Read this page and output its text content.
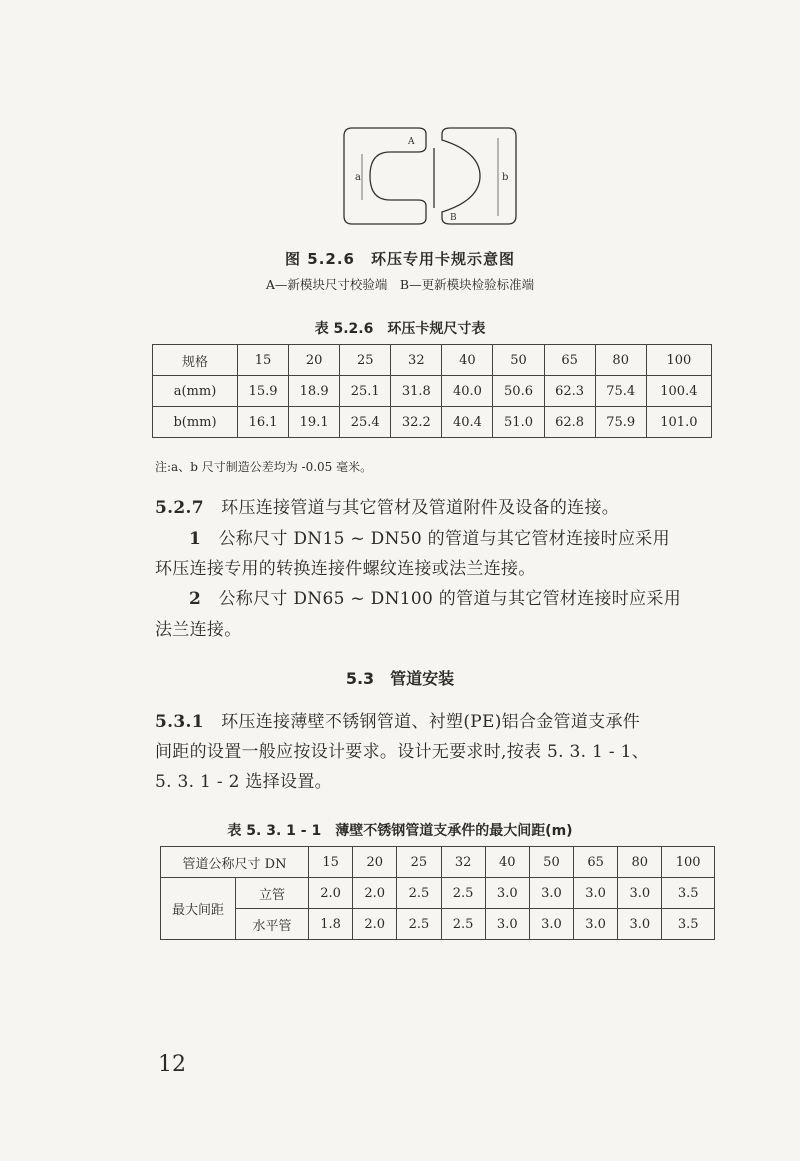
A
B
a	b
图 5.2.6　环压专用卡规示意图
A—新模块尺寸校验端　B—更新模块检验标准端
表 5.2.6　环压卡规尺寸表
规格	15	20	25	32	40	50	65	80	100
a(mm)	15.9	18.9	25.1	31.8	40.0	50.6	62.3	75.4	100.4
b(mm)	16.1	19.1	25.4	32.2	40.4	51.0	62.8	75.9	101.0
注:a、b 尺寸制造公差均为 -0.05 毫米。
5.2.7　 环压连接管道与其它管材及管道附件及设备的连接。
1　 公称尺寸 DN15 ~ DN50 的管道与其它管材连接时应采用
环压连接专用的转换连接件螺纹连接或法兰连接。
2　 公称尺寸 DN65 ~ DN100 的管道与其它管材连接时应采用
法兰连接。
5.3　管道安装
5.3.1　 环压连接薄壁不锈钢管道、衬塑(PE)铝合金管道支承件
间距的设置一般应按设计要求。设计无要求时,按表 5. 3. 1 - 1、
5. 3. 1 - 2 选择设置。
表 5. 3. 1 - 1　薄壁不锈钢管道支承件的最大间距(m)
管道公称尺寸 DN		15	20	25	32	40	50	65	80	100
最大间距	立管	2.0	2.0	2.5	2.5	3.0	3.0	3.0	3.0	3.5
	水平管	1.8	2.0	2.5	2.5	3.0	3.0	3.0	3.0	3.5
12
